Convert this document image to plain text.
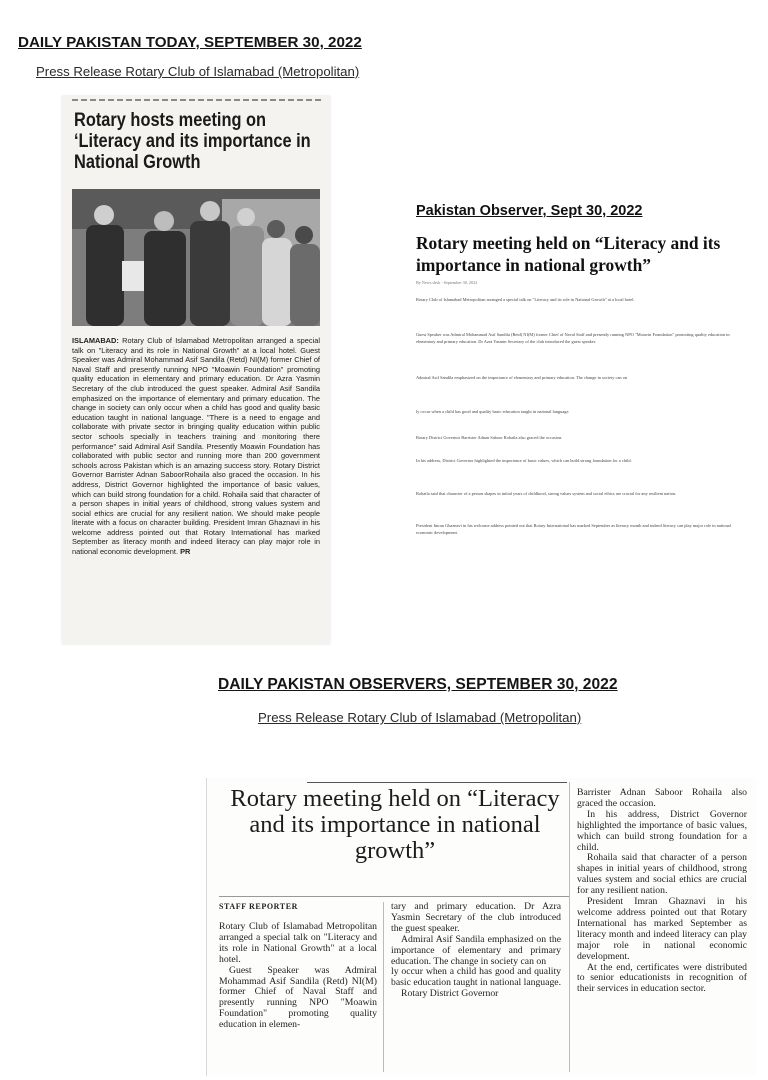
DAILY PAKISTAN TODAY, SEPTEMBER 30, 2022
Press Release Rotary Club of Islamabad (Metropolitan)
Rotary hosts meeting on ‘Literacy and its importance in National Growth
ISLAMABAD: Rotary Club of Islamabad Metropolitan arranged a special talk on "Literacy and its role in National Growth" at a local hotel. Guest Speaker was Admiral Mohammad Asif Sandila (Retd) NI(M) former Chief of Naval Staff and presently running NPO "Moawin Foundation" promoting quality education in elementary and primary education. Dr Azra Yasmin Secretary of the club introduced the guest speaker. Admiral Asif Sandila emphasized on the importance of elementary and primary education. The change in society can only occur when a child has good and quality basic education taught in national language. "There is a need to engage and collaborate with private sector in bringing quality education within public sector schools specially in teachers training and monitoring there performance" said Admiral Asif Sandila. Presently Moawin Foundation has collaborated with public sector and running more than 200 government schools across Pakistan which is an amazing success story. Rotary District Governor Barrister Adnan SaboorRohaila also graced the occasion. In his address, District Governor highlighted the importance of basic values, which can build strong foundation for a child. Rohaila said that character of a person shapes in initial years of childhood, strong values system and social ethics are crucial for any resilient nation. We should make people literate with a focus on character building. President Imran Ghaznavi in his welcome address pointed out that Rotary International has marked September as literacy month and indeed literacy can play major role in national economic development. PR
Pakistan Observer, Sept 30, 2022
Rotary meeting held on “Literacy and its importance in national growth”
By News desk - September 30, 2022
Rotary Club of Islamabad Metropolitan arranged a special talk on "Literacy and its role in National Growth" at a local hotel.
Guest Speaker was Admiral Mohammad Asif Sandila (Retd) NI(M) former Chief of Naval Staff and presently running NPO "Moawin Foundation" promoting quality education in elementary and primary education. Dr Azra Yasmin Secretary of the club introduced the guest speaker.
Admiral Asif Sandila emphasized on the importance of elementary and primary education. The change in society can on
ly occur when a child has good and quality basic education taught in national language.
Rotary District Governor Barrister Adnan Saboor Rohaila also graced the occasion.
In his address, District Governor highlighted the importance of basic values, which can build strong foundation for a child.
Rohaila said that character of a person shapes in initial years of childhood, strong values system and social ethics are crucial for any resilient nation.
President Imran Ghaznavi in his welcome address pointed out that Rotary International has marked September as literacy month and indeed literacy can play major role in national economic development.
DAILY PAKISTAN OBSERVERS, SEPTEMBER 30, 2022
Press Release Rotary Club of Islamabad (Metropolitan)
Rotary meeting held on “Literacy and its importance in national growth”
STAFF REPORTER

Rotary Club of Islamabad Metropolitan arranged a special talk on "Literacy and its role in National Growth" at a local hotel.

Guest Speaker was Admiral Mohammad Asif Sandila (Retd) NI(M) former Chief of Naval Staff and presently running NPO "Moawin Foundation" promoting quality education in elemen-

tary and primary education. Dr Azra Yasmin Secretary of the club introduced the guest speaker.

Admiral Asif Sandila emphasized on the importance of elementary and primary education. The change in society can on

ly occur when a child has good and quality basic education taught in national language.

Rotary District Governor

Barrister Adnan Saboor Rohaila also graced the occasion.

In his address, District Governor highlighted the importance of basic values, which can build strong foundation for a child.

Rohaila said that character of a person shapes in initial years of childhood, strong values system and social ethics are crucial for any resilient nation.

President Imran Ghaznavi in his welcome address pointed out that Rotary International has marked September as literacy month and indeed literacy can play major role in national economic development.

At the end, certificates were distributed to senior educationists in recognition of their services in education sector.
